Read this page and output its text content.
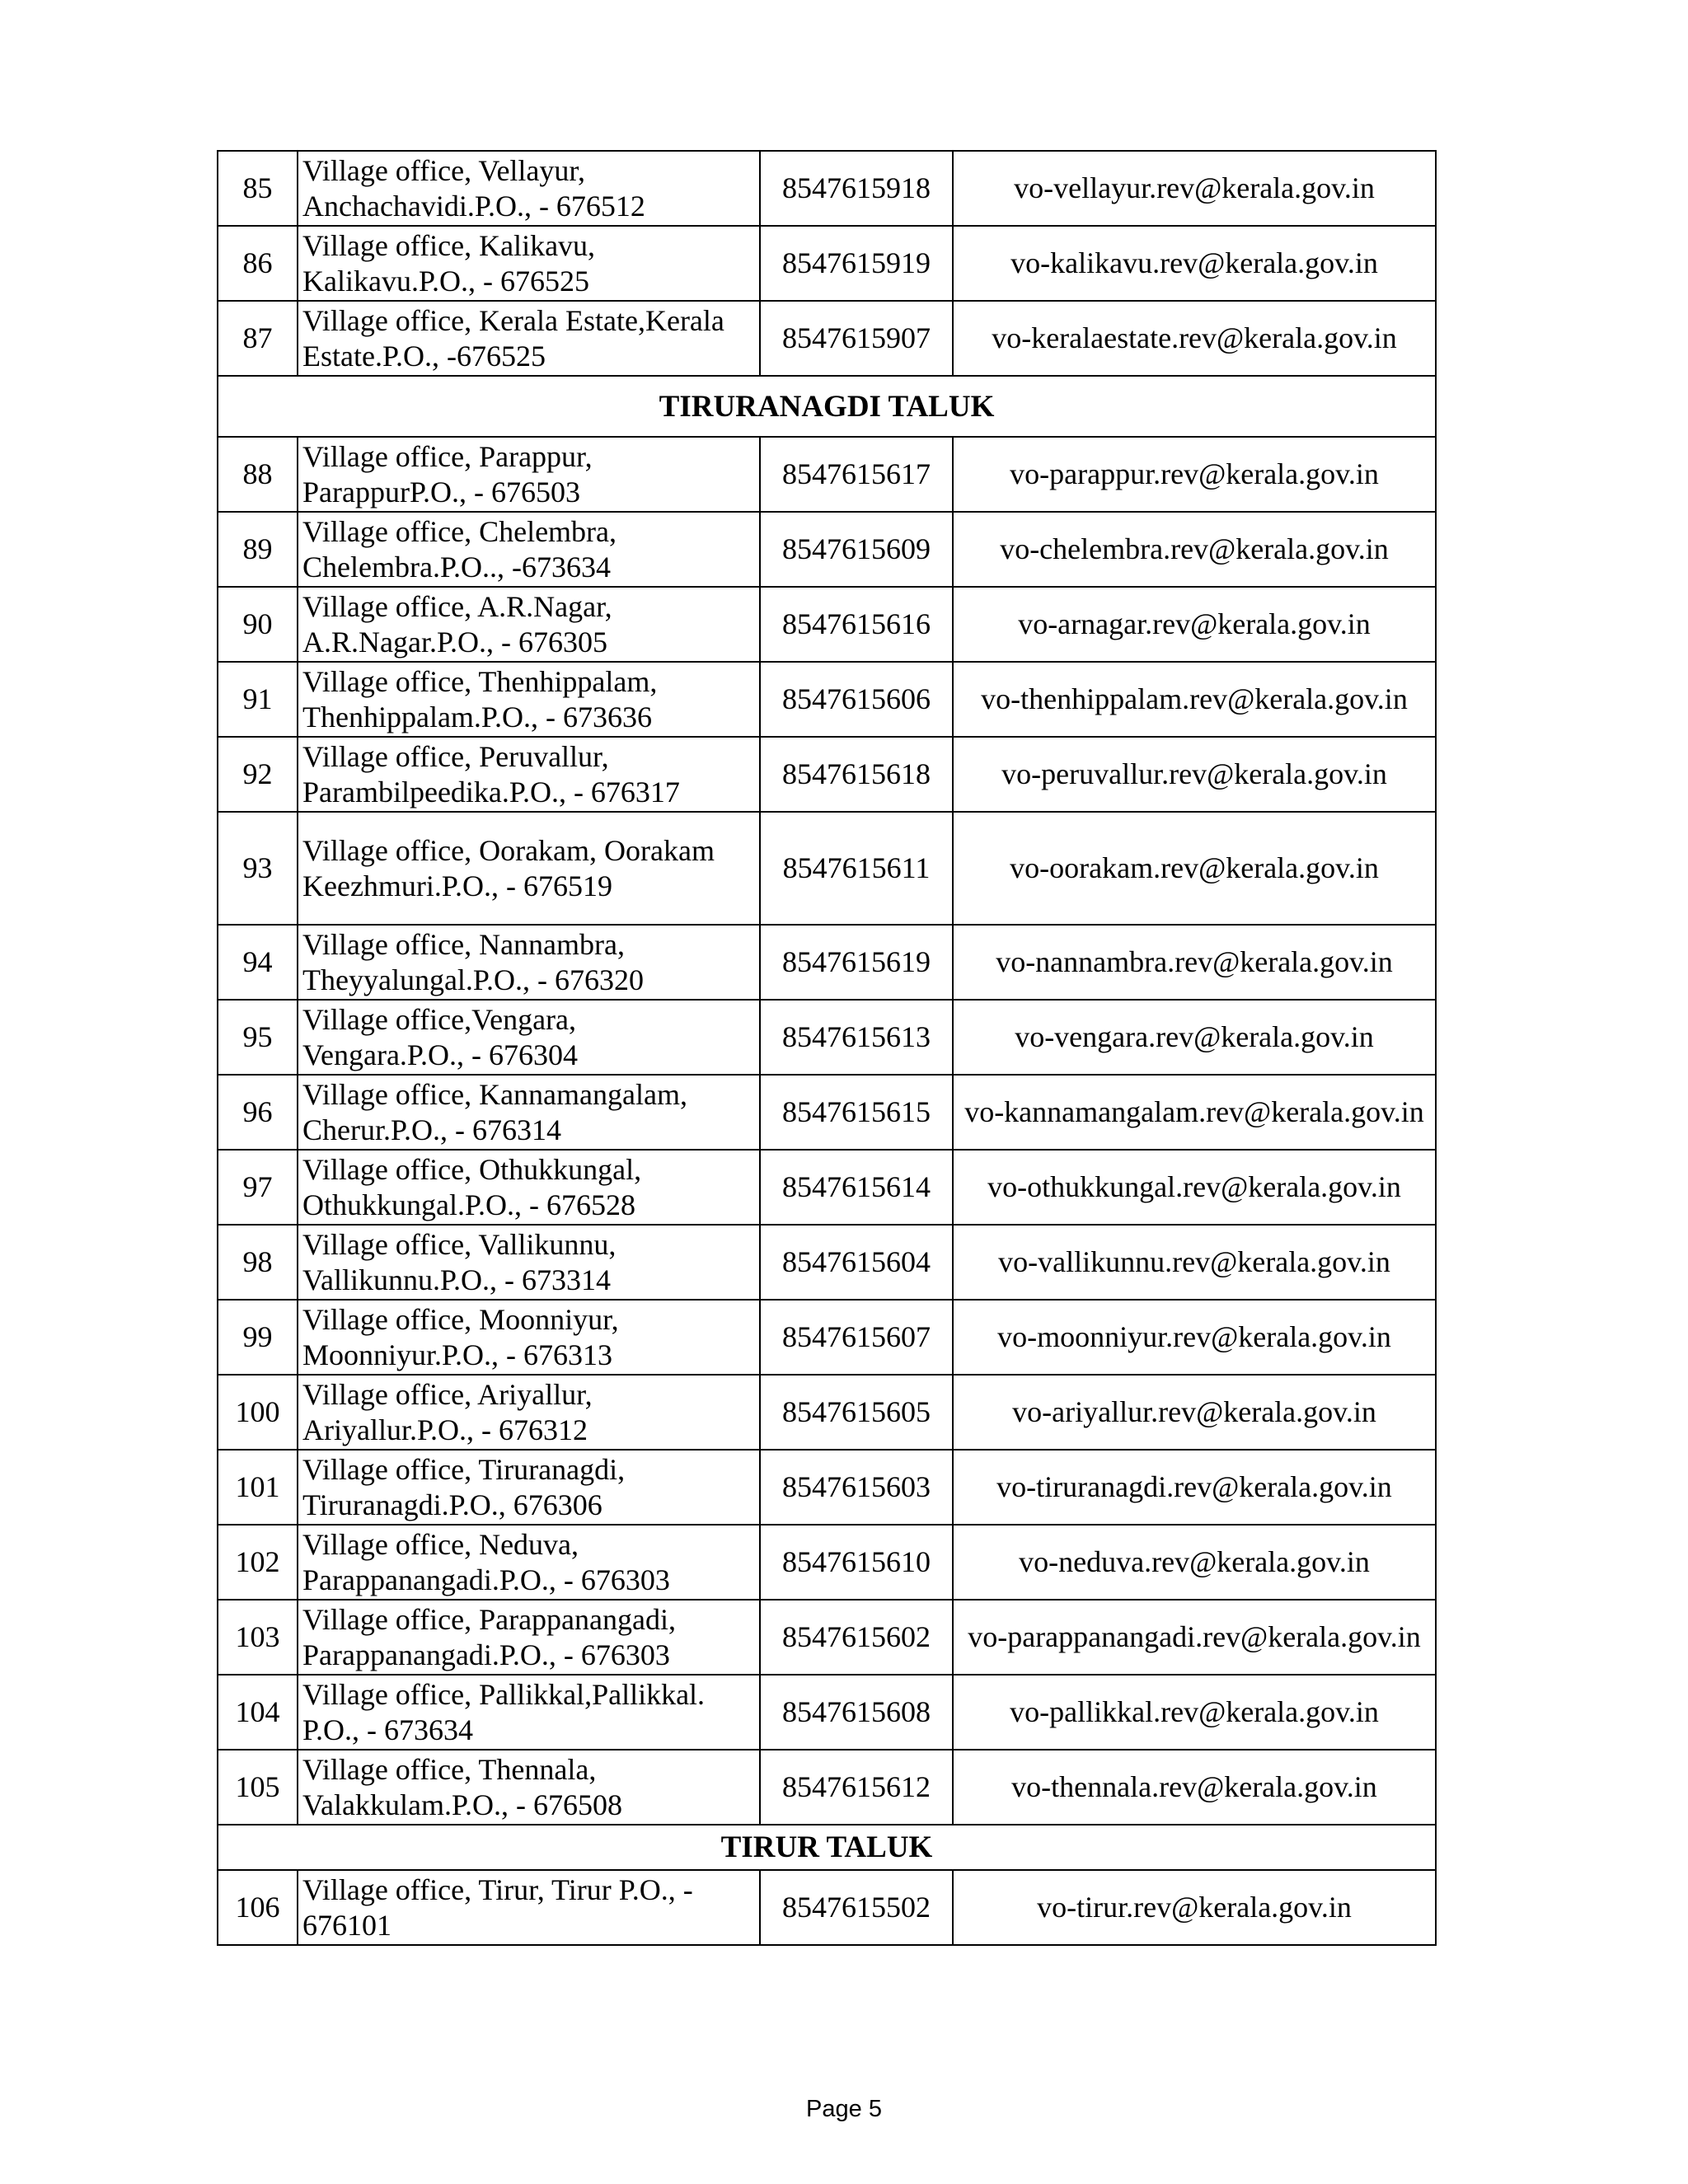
85	Village office, Vellayur,
Anchachavidi.P.O., - 676512	8547615918	vo-vellayur.rev@kerala.gov.in
86	Village office, Kalikavu,
Kalikavu.P.O., - 676525	8547615919	vo-kalikavu.rev@kerala.gov.in
87	Village office, Kerala Estate,Kerala
Estate.P.O., -676525	8547615907	vo-keralaestate.rev@kerala.gov.in
TIRURANAGDI TALUK			
88	Village office, Parappur,
ParappurP.O., - 676503	8547615617	vo-parappur.rev@kerala.gov.in
89	Village office, Chelembra,
Chelembra.P.O.., -673634	8547615609	vo-chelembra.rev@kerala.gov.in
90	Village office, A.R.Nagar,
A.R.Nagar.P.O., - 676305	8547615616	vo-arnagar.rev@kerala.gov.in
91	Village office, Thenhippalam,
Thenhippalam.P.O., - 673636	8547615606	vo-thenhippalam.rev@kerala.gov.in
92	Village office, Peruvallur,
Parambilpeedika.P.O., - 676317	8547615618	vo-peruvallur.rev@kerala.gov.in
93	Village office, Oorakam, Oorakam
Keezhmuri.P.O., - 676519	8547615611	vo-oorakam.rev@kerala.gov.in
94	Village office, Nannambra,
Theyyalungal.P.O., - 676320	8547615619	vo-nannambra.rev@kerala.gov.in
95	Village office,Vengara,
Vengara.P.O., - 676304	8547615613	vo-vengara.rev@kerala.gov.in
96	Village office, Kannamangalam,
Cherur.P.O., - 676314	8547615615	vo-kannamangalam.rev@kerala.gov.in
97	Village office, Othukkungal,
Othukkungal.P.O., - 676528	8547615614	vo-othukkungal.rev@kerala.gov.in
98	Village office, Vallikunnu,
Vallikunnu.P.O., - 673314	8547615604	vo-vallikunnu.rev@kerala.gov.in
99	Village office, Moonniyur,
Moonniyur.P.O., - 676313	8547615607	vo-moonniyur.rev@kerala.gov.in
100	Village office, Ariyallur,
Ariyallur.P.O., - 676312	8547615605	vo-ariyallur.rev@kerala.gov.in
101	Village office, Tiruranagdi,
Tiruranagdi.P.O., 676306	8547615603	vo-tiruranagdi.rev@kerala.gov.in
102	Village office, Neduva,
Parappanangadi.P.O., - 676303	8547615610	vo-neduva.rev@kerala.gov.in
103	Village office, Parappanangadi,
Parappanangadi.P.O., - 676303	8547615602	vo-parappanangadi.rev@kerala.gov.in
104	Village office, Pallikkal,Pallikkal.
P.O., - 673634	8547615608	vo-pallikkal.rev@kerala.gov.in
105	Village office, Thennala,
Valakkulam.P.O., - 676508	8547615612	vo-thennala.rev@kerala.gov.in
TIRUR TALUK			
106	Village office, Tirur, Tirur P.O., -
676101	8547615502	vo-tirur.rev@kerala.gov.in
Page 5
